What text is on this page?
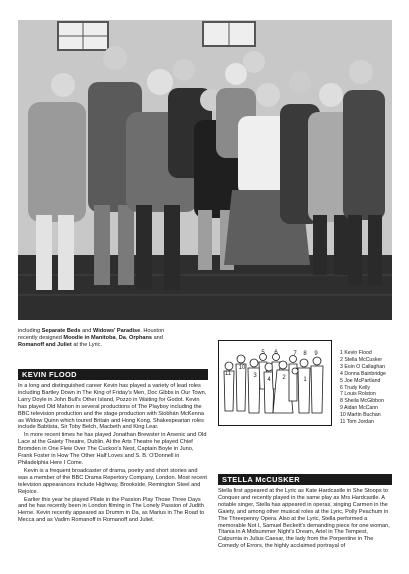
including Separate Beds and Widows' Paradise. Houston
recently designed Moodie in Manitoba, Da, Orphans and
Romanoff and Juliet at the Lyric.
KEVIN FLOOD

In a long and distinguished career Kevin has played a variety of lead roles including Bartley Down in The King of Friday's Men, Doc Gibbs in Our Town, Larry Doyle in John Bull's Other Island, Pozzo in Waiting for Godot. Kevin has played Old Mahon in several productions of The Playboy including the BBC television production and the stage production with Siobhán McKenna as Widow Quinn which toured Britain and Hong Kong. Shakespearian roles include Babtista, Sir Toby Belch, Macbeth and King Lear.

In more recent times he has played Jonathan Brewster in Arsenic and Old Lace at the Gaiety Theatre, Dublin. At the Arts Theatre he played Chief Bromden in One Flew Over The Cuckoo's Nest, Captain Boyle in Juno, Frank Foster in How The Other Half Loves and S. B. O'Donnell in Philadelphia Here I Come.

Kevin is a frequent broadcaster of drama, poetry and short stories and was a member of the BBC Drama Repertory Company, London. Most recent television appearances include Highway, Brookside, Remington Steel and Rejoice.

Earlier this year he played Pilate in the Passion Play Those Three Days and he has recently been in London filming in The Lonely Passion of Judith Herne. Kevin recently appeared as Drumm in Da, as Marius in The Road to Mecca and as Vadim Romanoff in Romanoff and Juliet.

11
10
9
8
7
6
5
4
3	2	1
1 Kevin Flood
2 Stella McCusker
3 Eoin O Callaghan
4 Donna Bainbridge
5 Joe McPartland
6 Trudy Kelly
7 Louis Rolston
8 Sheila McGibbon
9 Aidan McCann
10 Martin Buchan
11 Tom Jordan
STELLA McCUSKER

Stella first appeared at the Lyric as Kate Hardcastle in She Stoops to Conquer and recently played in the same play as Mrs Hardcastle. A notable singer, Stella has appeared in operas, singing Carmen in the Gaiety, and among other musical roles at the Lyric, Polly Peachum in The Threepenny Opera. Also at the Lyric, Stella performed a memorable Not I, Samuel Beckett's demanding piece for one woman, Titania in A Midsummer Night's Dream, Ariel in The Tempest, Calpurnia in Julius Caesar, the lady from the Porpentine in The Comedy of Errors, the highly acclaimed portrayal of
